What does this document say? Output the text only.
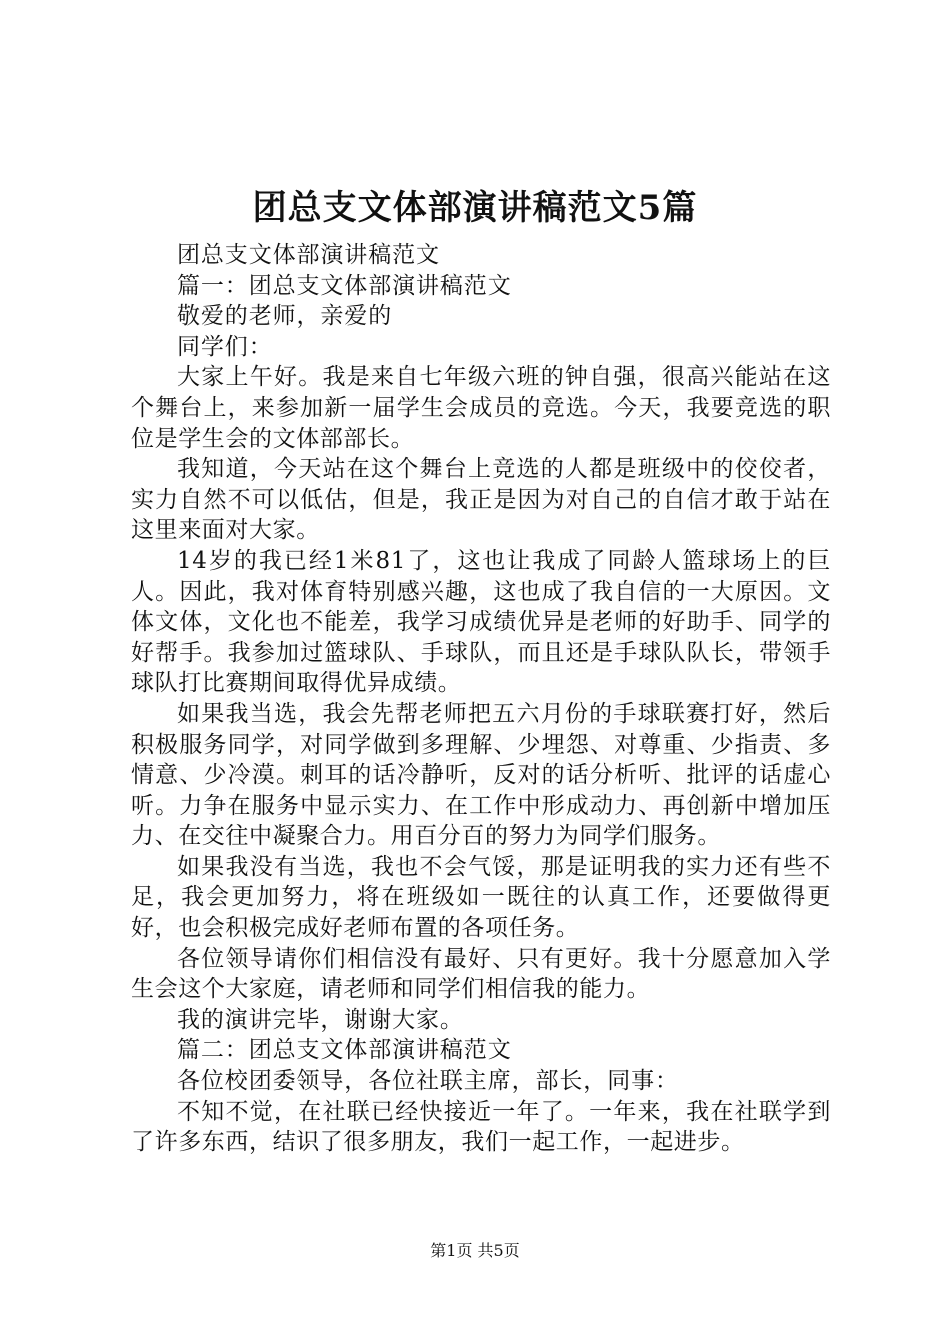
团总支文体部演讲稿范文5篇

团总支文体部演讲稿范文

篇一：团总支文体部演讲稿范文

敬爱的老师，亲爱的

同学们：

大家上午好。我是来自七年级六班的钟自强，很高兴能站在这个舞台上，来参加新一届学生会成员的竞选。今天，我要竞选的职位是学生会的文体部部长。

我知道，今天站在这个舞台上竞选的人都是班级中的佼佼者，实力自然不可以低估，但是，我正是因为对自己的自信才敢于站在这里来面对大家。

14岁的我已经1米81了，这也让我成了同龄人篮球场上的巨人。因此，我对体育特别感兴趣，这也成了我自信的一大原因。文体文体，文化也不能差，我学习成绩优异是老师的好助手、同学的好帮手。我参加过篮球队、手球队，而且还是手球队队长，带领手球队打比赛期间取得优异成绩。

如果我当选，我会先帮老师把五六月份的手球联赛打好，然后积极服务同学，对同学做到多理解、少埋怨、对尊重、少指责、多情意、少冷漠。刺耳的话冷静听，反对的话分析听、批评的话虚心听。力争在服务中显示实力、在工作中形成动力、再创新中增加压力、在交往中凝聚合力。用百分百的努力为同学们服务。

如果我没有当选，我也不会气馁，那是证明我的实力还有些不足，我会更加努力，将在班级如一既往的认真工作，还要做得更好，也会积极完成好老师布置的各项任务。

各位领导请你们相信没有最好、只有更好。我十分愿意加入学生会这个大家庭，请老师和同学们相信我的能力。

我的演讲完毕，谢谢大家。

篇二：团总支文体部演讲稿范文

各位校团委领导，各位社联主席，部长，同事：

不知不觉，在社联已经快接近一年了。一年来，我在社联学到了许多东西，结识了很多朋友，我们一起工作，一起进步。

第1页 共5页
